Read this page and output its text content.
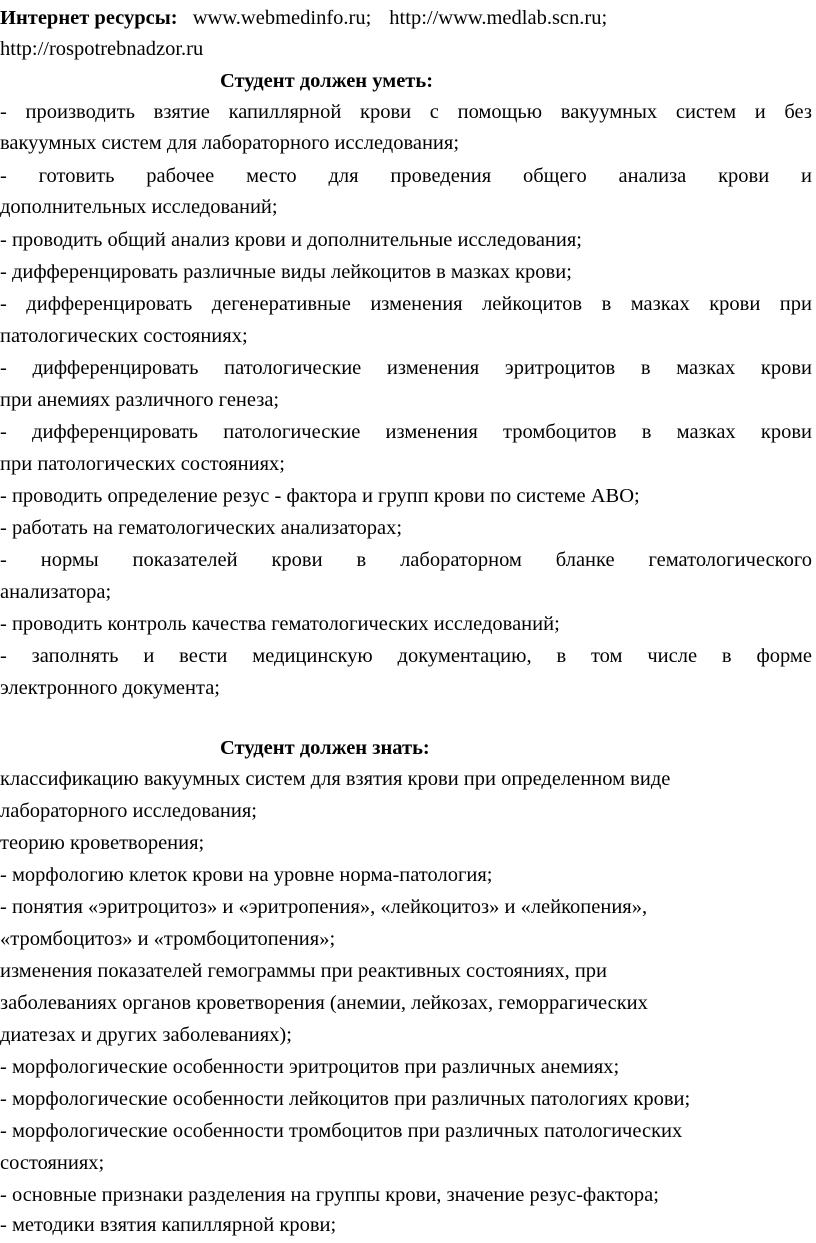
Интернет ресурсы: www.webmedinfo.ru; http://www.medlab.scn.ru;
http://rospotrebnadzor.ru
Студент должен уметь:
- производить взятие капиллярной крови с помощью вакуумных систем и без
вакуумных систем для лабораторного исследования;
- готовить рабочее место для проведения общего анализа крови и
дополнительных исследований;
- проводить общий анализ крови и дополнительные исследования;
- дифференцировать различные виды лейкоцитов в мазках крови;
- дифференцировать дегенеративные изменения лейкоцитов в мазках крови при
патологических состояниях;
- дифференцировать патологические изменения эритроцитов в мазках крови
при анемиях различного генеза;
- дифференцировать патологические изменения тромбоцитов в мазках крови
при патологических состояниях;
- проводить определение резус - фактора и групп крови по системе АВО;
- работать на гематологических анализаторах;
- нормы показателей крови в лабораторном бланке гематологического
анализатора;
- проводить контроль качества гематологических исследований;
- заполнять и вести медицинскую документацию, в том числе в форме
электронного документа;
Студент должен знать:
классификацию вакуумных систем для взятия крови при определенном виде
лабораторного исследования;
теорию кроветворения;
- морфологию клеток крови на уровне норма-патология;
- понятия «эритроцитоз» и «эритропения», «лейкоцитоз» и «лейкопения»,
«тромбоцитоз» и «тромбоцитопения»;
изменения показателей гемограммы при реактивных состояниях, при
заболеваниях органов кроветворения (анемии, лейкозах, геморрагических
диатезах и других заболеваниях);
- морфологические особенности эритроцитов при различных анемиях;
- морфологические особенности лейкоцитов при различных патологиях крови;
- морфологические особенности тромбоцитов при различных патологических
состояниях;
- основные признаки разделения на группы крови, значение резус-фактора;
- методики взятия капиллярной крови;
